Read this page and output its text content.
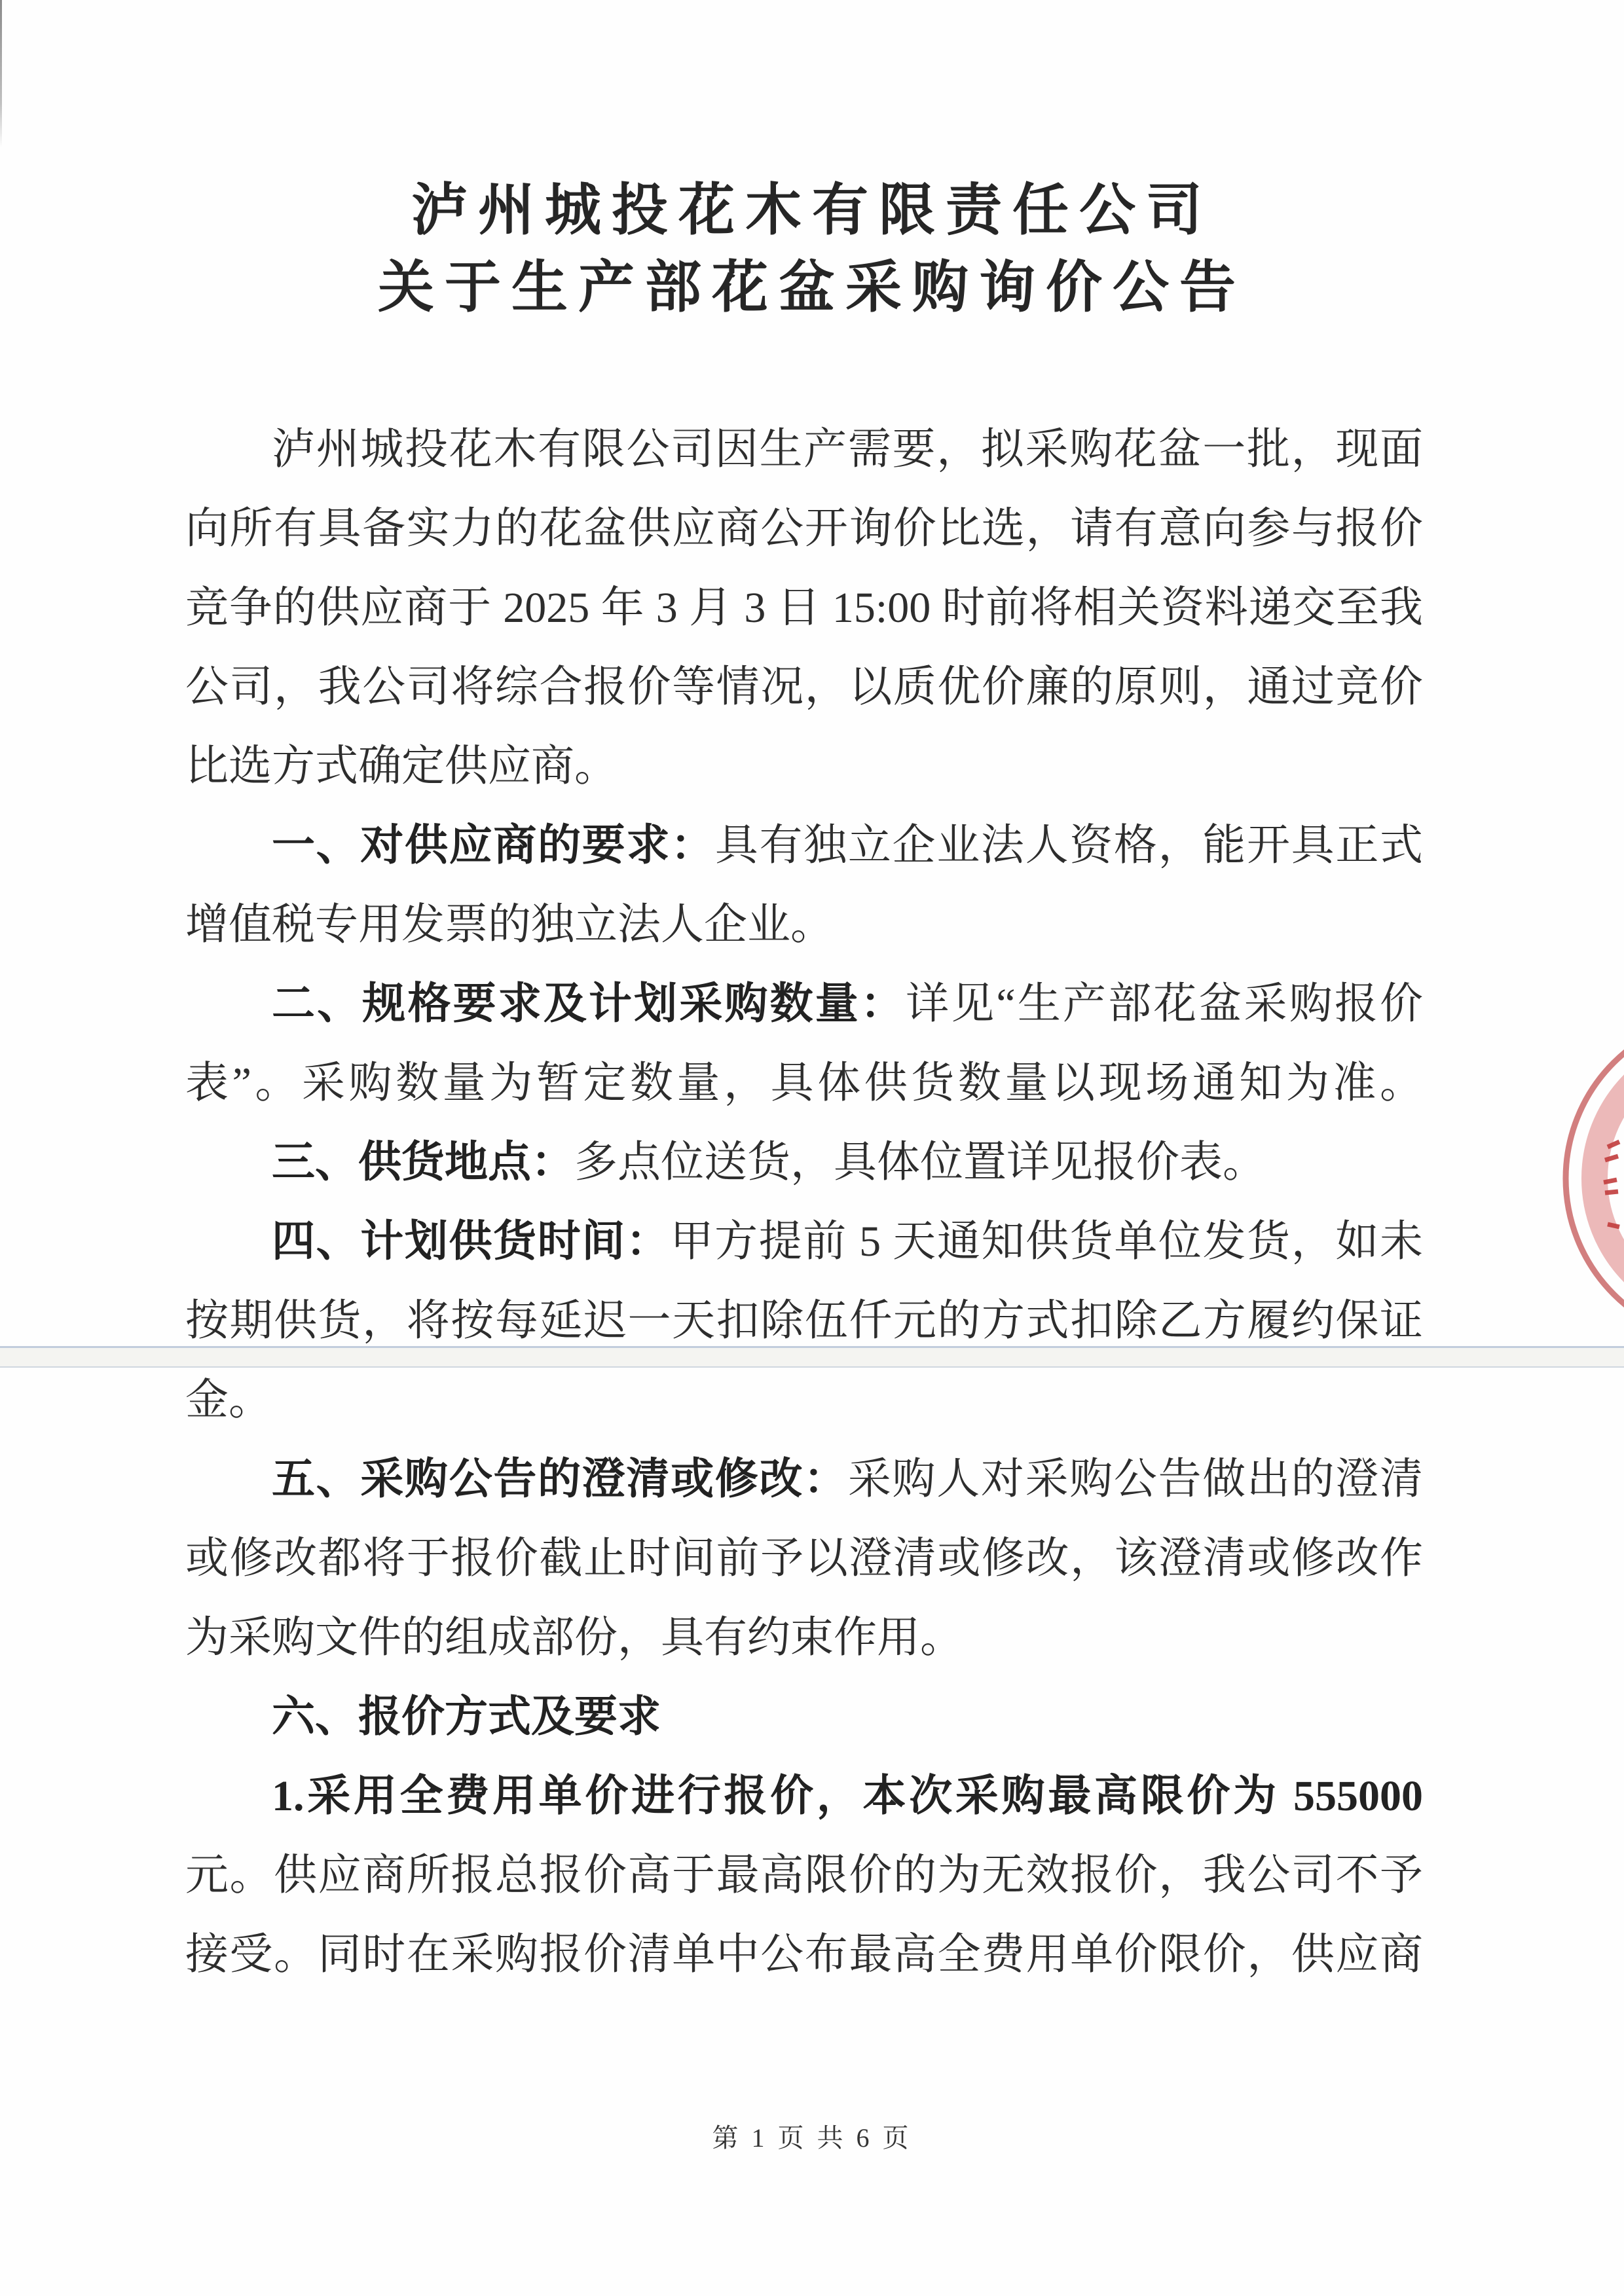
泸州城投花木有限责任公司
关于生产部花盆采购询价公告
泸州城投花木有限公司因生产需要，拟采购花盆一批，现面
向所有具备实力的花盆供应商公开询价比选，请有意向参与报价
竞争的供应商于 2025 年 3 月 3 日 15:00 时前将相关资料递交至我
公司，我公司将综合报价等情况，以质优价廉的原则，通过竞价
比选方式确定供应商。
一、对供应商的要求：具有独立企业法人资格，能开具正式
增值税专用发票的独立法人企业。
二、规格要求及计划采购数量：详见“生产部花盆采购报价
表”。采购数量为暂定数量，具体供货数量以现场通知为准。
三、供货地点：多点位送货，具体位置详见报价表。
四、计划供货时间：甲方提前 5 天通知供货单位发货，如未
按期供货，将按每延迟一天扣除伍仟元的方式扣除乙方履约保证
金。
五、采购公告的澄清或修改：采购人对采购公告做出的澄清
或修改都将于报价截止时间前予以澄清或修改，该澄清或修改作
为采购文件的组成部份，具有约束作用。
六、报价方式及要求
1.采用全费用单价进行报价，本次采购最高限价为 555000
元。供应商所报总报价高于最高限价的为无效报价，我公司不予
接受。同时在采购报价清单中公布最高全费用单价限价，供应商
第 1 页 共 6 页
